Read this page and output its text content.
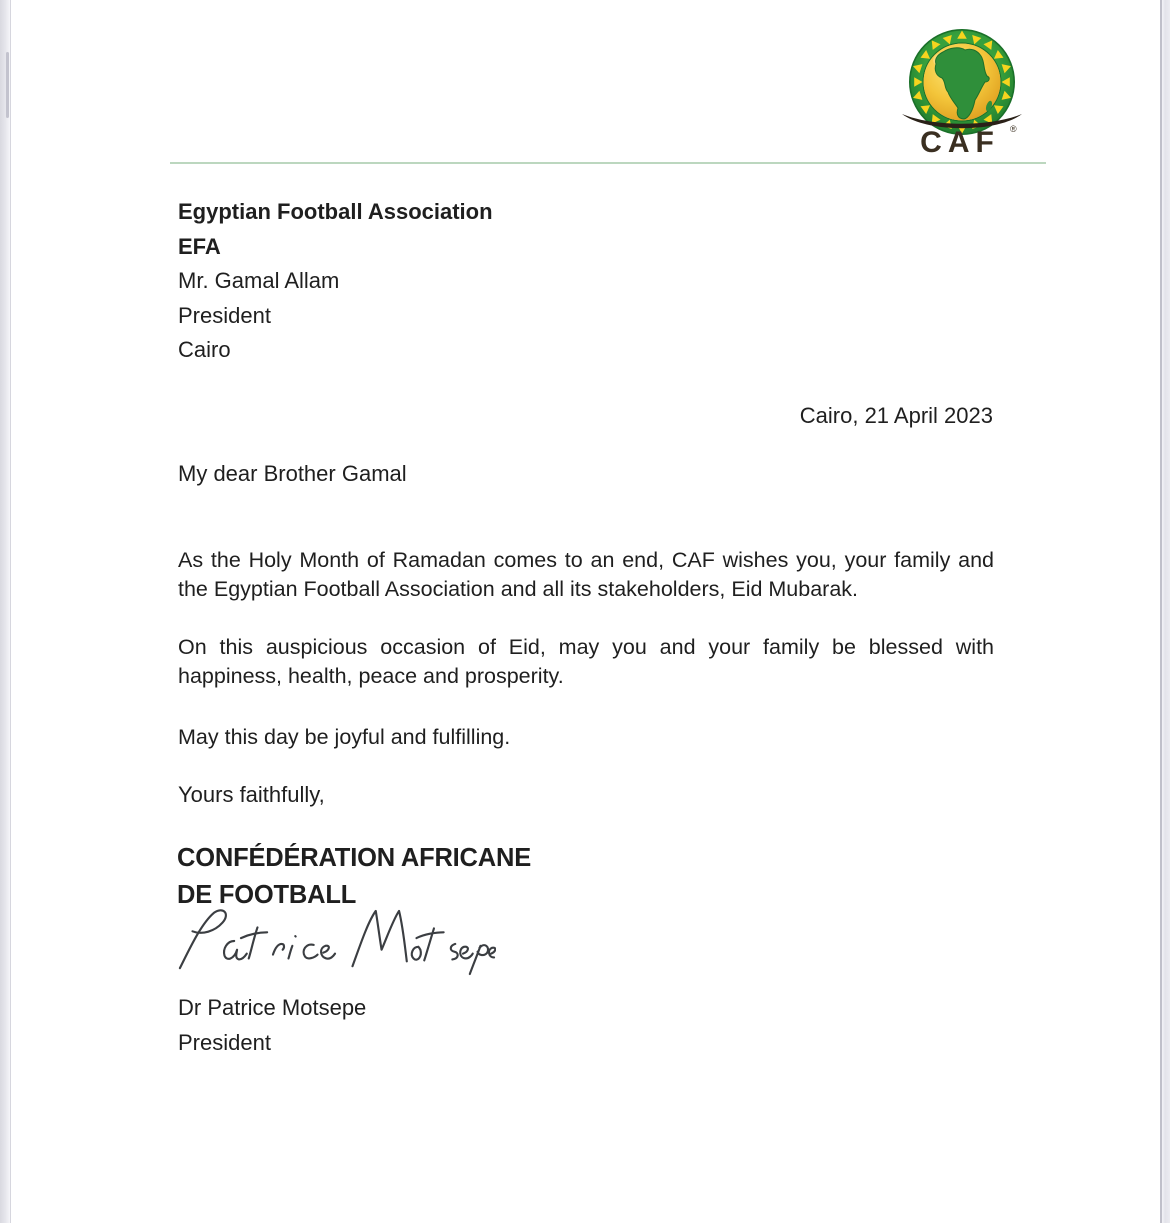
CAF ®
Egyptian Football Association
EFA
Mr. Gamal Allam
President
Cairo
Cairo, 21 April 2023
My dear Brother Gamal

As the Holy Month of Ramadan comes to an end, CAF wishes you, your family and the Egyptian Football Association and all its stakeholders, Eid Mubarak.

On this auspicious occasion of Eid, may you and your family be blessed with happiness, health, peace and prosperity.

May this day be joyful and fulfilling.

Yours faithfully,
CONFÉDÉRATION AFRICANE
DE FOOTBALL
Dr Patrice Motsepe
President
